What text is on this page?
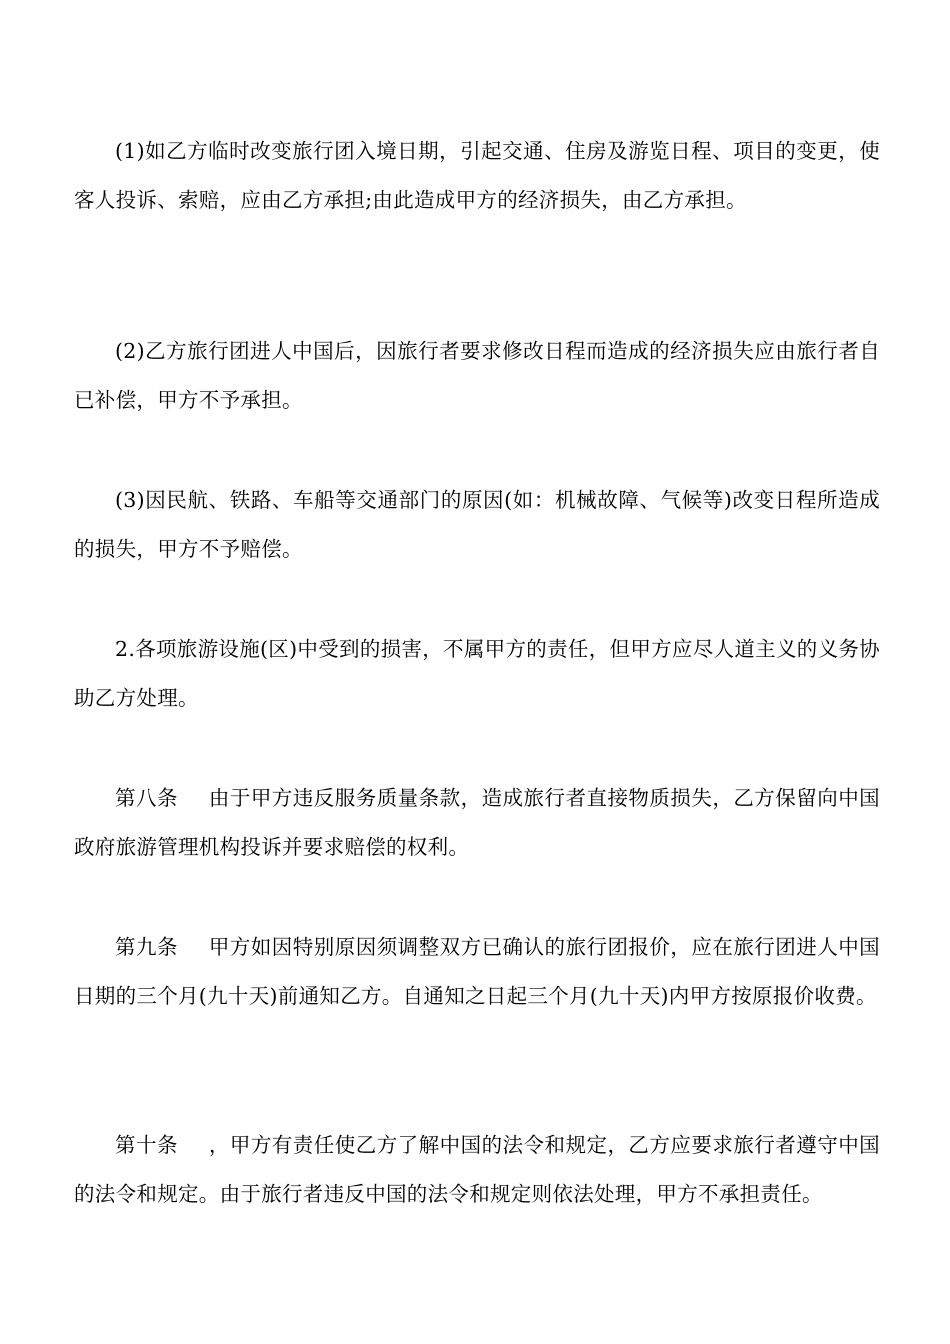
(1)如乙方临时改变旅行团入境日期，引起交通、住房及游览日程、项目的变更，使客人投诉、索赔，应由乙方承担;由此造成甲方的经济损失，由乙方承担。

(2)乙方旅行团进人中国后，因旅行者要求修改日程而造成的经济损失应由旅行者自已补偿，甲方不予承担。

(3)因民航、铁路、车船等交通部门的原因(如：机械故障、气候等)改变日程所造成的损失，甲方不予赔偿。

2.各项旅游设施(区)中受到的损害，不属甲方的责任，但甲方应尽人道主义的义务协助乙方处理。

第八条 由于甲方违反服务质量条款，造成旅行者直接物质损失，乙方保留向中国政府旅游管理机构投诉并要求赔偿的权利。

第九条 甲方如因特别原因须调整双方已确认的旅行团报价，应在旅行团进人中国日期的三个月(九十天)前通知乙方。自通知之日起三个月(九十天)内甲方按原报价收费。

第十条 ，甲方有责任使乙方了解中国的法令和规定，乙方应要求旅行者遵守中国的法令和规定。由于旅行者违反中国的法令和规定则依法处理，甲方不承担责任。
